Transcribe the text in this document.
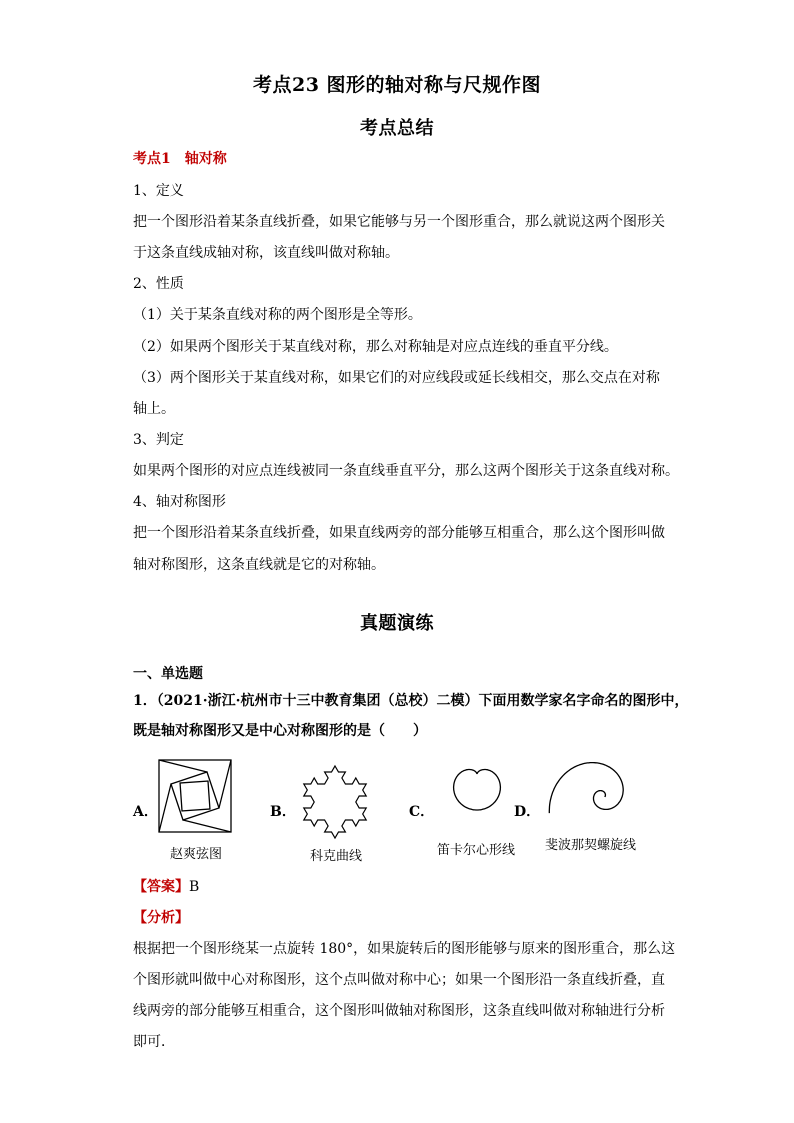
考点23 图形的轴对称与尺规作图
考点总结
考点1　轴对称
1、定义
把一个图形沿着某条直线折叠，如果它能够与另一个图形重合，那么就说这两个图形关
于这条直线成轴对称，该直线叫做对称轴。
2、性质
（1）关于某条直线对称的两个图形是全等形。
（2）如果两个图形关于某直线对称，那么对称轴是对应点连线的垂直平分线。
（3）两个图形关于某直线对称，如果它们的对应线段或延长线相交，那么交点在对称
轴上。
3、判定
如果两个图形的对应点连线被同一条直线垂直平分，那么这两个图形关于这条直线对称。
4、轴对称图形
把一个图形沿着某条直线折叠，如果直线两旁的部分能够互相重合，那么这个图形叫做
轴对称图形，这条直线就是它的对称轴。
真题演练
一、单选题
1．（2021·浙江·杭州市十三中教育集团（总校）二模）下面用数学家名字命名的图形中，
既是轴对称图形又是中心对称图形的是（　　）
A．
赵爽弦图
B．
科克曲线
C．
笛卡尔心形线
D．
斐波那契螺旋线
【答案】B
【分析】
根据把一个图形绕某一点旋转 180°，如果旋转后的图形能够与原来的图形重合，那么这
个图形就叫做中心对称图形，这个点叫做对称中心；如果一个图形沿一条直线折叠，直
线两旁的部分能够互相重合，这个图形叫做轴对称图形，这条直线叫做对称轴进行分析
即可．
